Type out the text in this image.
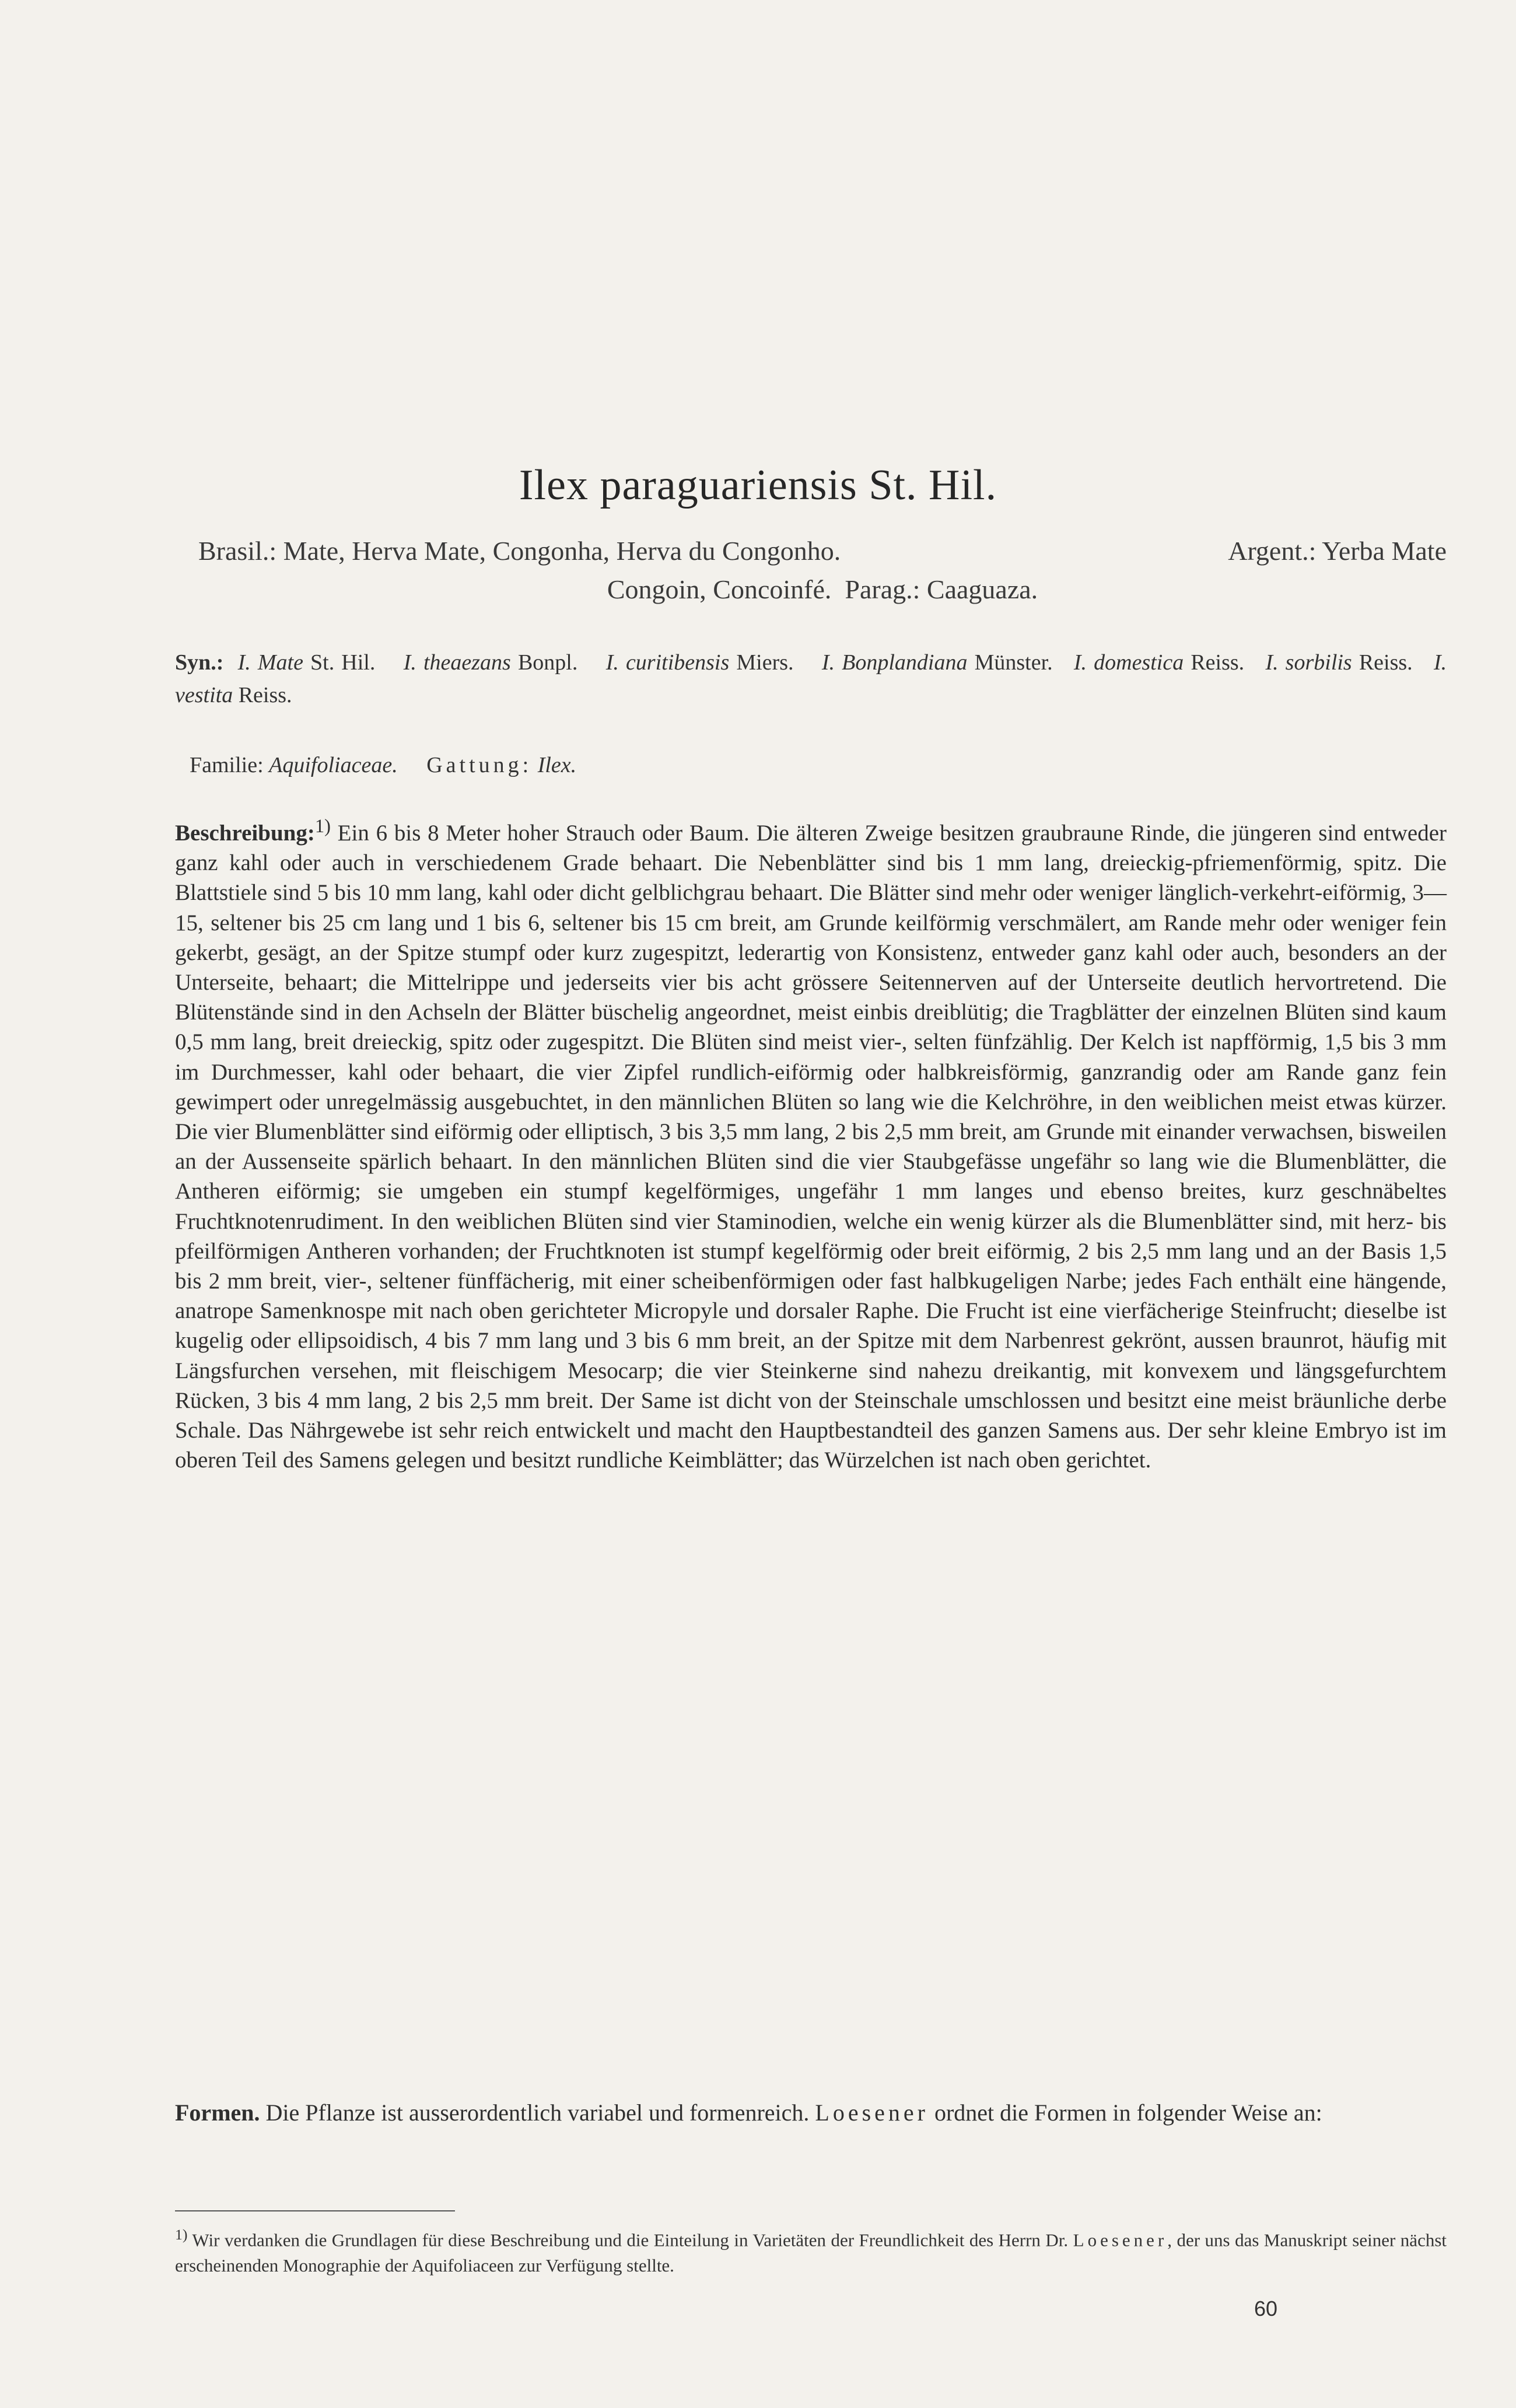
Ilex paraguariensis St. Hil.
Brasil.: Mate, Herva Mate, Congonha, Herva du Congonho.	Argent.: Yerba Mate
Congoin, Concoinfé. Parag.: Caaguaza.
Syn.: I. Mate St. Hil. I. theaezans Bonpl. I. curitibensis Miers. I. Bonplandiana Münster. I. domestica Reiss. I. sorbilis Reiss. I. vestita Reiss.
Familie: Aquifoliaceae. Gattung: Ilex.
Beschreibung:$^{1)}$ Ein 6 bis 8 Meter hoher Strauch oder Baum. Die älteren Zweige besitzen graubraune Rinde, die jüngeren sind entweder ganz kahl oder auch in verschiedenem Grade behaart. Die Nebenblätter sind bis 1 mm lang, dreieckig-pfriemenförmig, spitz. Die Blattstiele sind 5 bis 10 mm lang, kahl oder dicht gelblichgrau behaart. Die Blätter sind mehr oder weniger länglich-verkehrt-eiförmig, 3—15, seltener bis 25 cm lang und 1 bis 6, seltener bis 15 cm breit, am Grunde keilförmig verschmälert, am Rande mehr oder weniger fein gekerbt, gesägt, an der Spitze stumpf oder kurz zugespitzt, lederartig von Konsistenz, entweder ganz kahl oder auch, besonders an der Unterseite, behaart; die Mittelrippe und jederseits vier bis acht grössere Seitennerven auf der Unterseite deutlich hervortretend. Die Blütenstände sind in den Achseln der Blätter büschelig angeordnet, meist einbis dreiblütig; die Tragblätter der einzelnen Blüten sind kaum 0,5 mm lang, breit dreieckig, spitz oder zugespitzt. Die Blüten sind meist vier-, selten fünfzählig. Der Kelch ist napfförmig, 1,5 bis 3 mm im Durchmesser, kahl oder behaart, die vier Zipfel rundlich-eiförmig oder halbkreisförmig, ganzrandig oder am Rande ganz fein gewimpert oder unregelmässig ausgebuchtet, in den männlichen Blüten so lang wie die Kelchröhre, in den weiblichen meist etwas kürzer. Die vier Blumenblätter sind eiförmig oder elliptisch, 3 bis 3,5 mm lang, 2 bis 2,5 mm breit, am Grunde mit einander verwachsen, bisweilen an der Aussenseite spärlich behaart. In den männlichen Blüten sind die vier Staubgefässe ungefähr so lang wie die Blumenblätter, die Antheren eiförmig; sie umgeben ein stumpf kegelförmiges, ungefähr 1 mm langes und ebenso breites, kurz geschnäbeltes Fruchtknotenrudiment. In den weiblichen Blüten sind vier Staminodien, welche ein wenig kürzer als die Blumenblätter sind, mit herz- bis pfeilförmigen Antheren vorhanden; der Fruchtknoten ist stumpf kegelförmig oder breit eiförmig, 2 bis 2,5 mm lang und an der Basis 1,5 bis 2 mm breit, vier-, seltener fünffächerig, mit einer scheibenförmigen oder fast halbkugeligen Narbe; jedes Fach enthält eine hängende, anatrope Samenknospe mit nach oben gerichteter Micropyle und dorsaler Raphe. Die Frucht ist eine vierfächerige Steinfrucht; dieselbe ist kugelig oder ellipsoidisch, 4 bis 7 mm lang und 3 bis 6 mm breit, an der Spitze mit dem Narbenrest gekrönt, aussen braunrot, häufig mit Längsfurchen versehen, mit fleischigem Mesocarp; die vier Steinkerne sind nahezu dreikantig, mit konvexem und längsgefurchtem Rücken, 3 bis 4 mm lang, 2 bis 2,5 mm breit. Der Same ist dicht von der Steinschale umschlossen und besitzt eine meist bräunliche derbe Schale. Das Nährgewebe ist sehr reich entwickelt und macht den Hauptbestandteil des ganzen Samens aus. Der sehr kleine Embryo ist im oberen Teil des Samens gelegen und besitzt rundliche Keimblätter; das Würzelchen ist nach oben gerichtet.
Formen. Die Pflanze ist ausserordentlich variabel und formenreich. Loesener ordnet die Formen in folgender Weise an:
$^{1)}$ Wir verdanken die Grundlagen für diese Beschreibung und die Einteilung in Varietäten der Freundlichkeit des Herrn Dr. Loesener, der uns das Manuskript seiner nächst erscheinenden Monographie der Aquifoliaceen zur Verfügung stellte.
60
